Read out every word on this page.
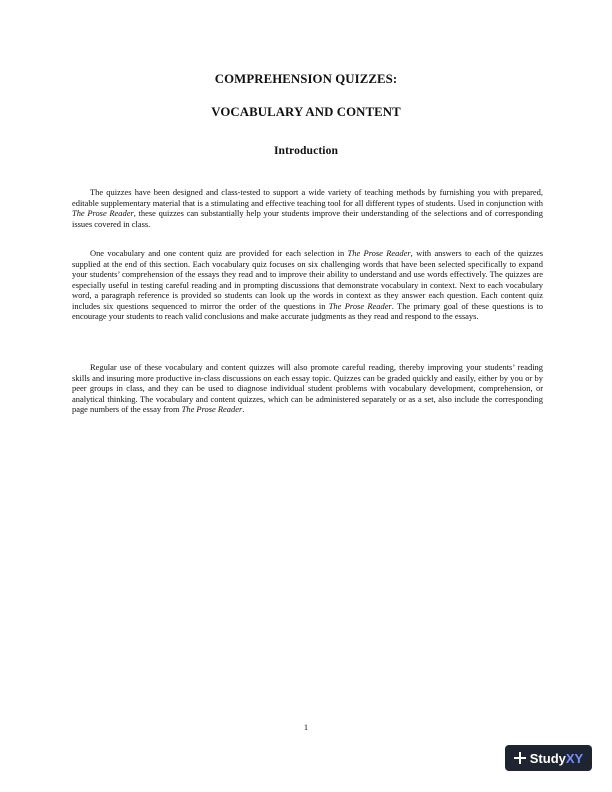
COMPREHENSION QUIZZES:
VOCABULARY AND CONTENT
Introduction

The quizzes have been designed and class-tested to support a wide variety of teaching methods by furnishing you with prepared, editable supplementary material that is a stimulating and effective teaching tool for all different types of students. Used in conjunction with The Prose Reader, these quizzes can substantially help your students improve their understanding of the selections and of corresponding issues covered in class.

One vocabulary and one content quiz are provided for each selection in The Prose Reader, with answers to each of the quizzes supplied at the end of this section. Each vocabulary quiz focuses on six challenging words that have been selected specifically to expand your students’ comprehension of the essays they read and to improve their ability to understand and use words effectively. The quizzes are especially useful in testing careful reading and in prompting discussions that demonstrate vocabulary in context. Next to each vocabulary word, a paragraph reference is provided so students can look up the words in context as they answer each question. Each content quiz includes six questions sequenced to mirror the order of the questions in The Prose Reader. The primary goal of these questions is to encourage your students to reach valid conclusions and make accurate judgments as they read and respond to the essays.

Regular use of these vocabulary and content quizzes will also promote careful reading, thereby improving your students’ reading skills and insuring more productive in-class discussions on each essay topic. Quizzes can be graded quickly and easily, either by you or by peer groups in class, and they can be used to diagnose individual student problems with vocabulary development, comprehension, or analytical thinking. The vocabulary and content quizzes, which can be administered separately or as a set, also include the corresponding page numbers of the essay from The Prose Reader.

1
StudyXY
